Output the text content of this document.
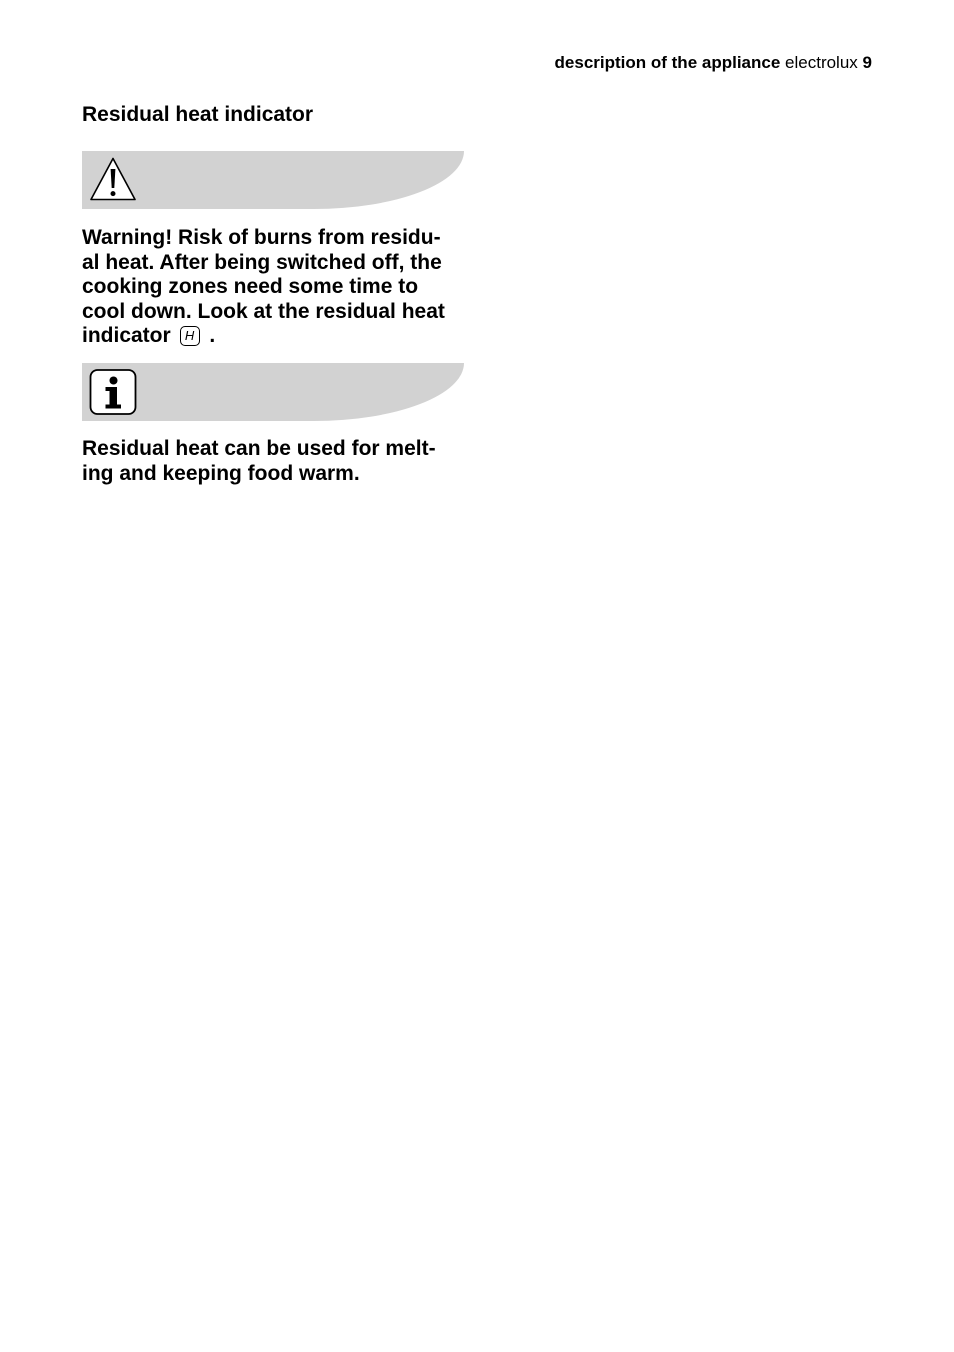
description of the appliance electrolux 9
Residual heat indicator

Warning! Risk of burns from residu-
al heat. After being switched off, the
cooking zones need some time to
cool down. Look at the residual heat
indicator H .

Residual heat can be used for melt-
ing and keeping food warm.
